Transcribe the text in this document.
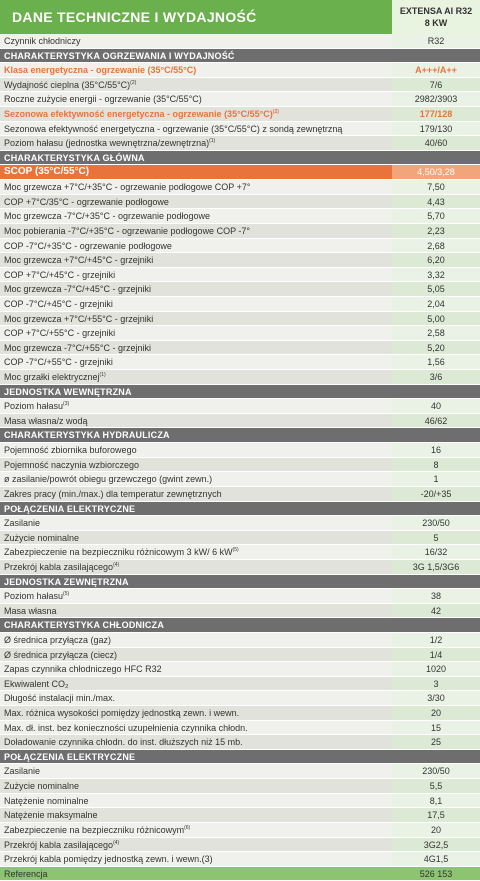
DANE TECHNICZNE I WYDAJNOŚĆ	EXTENSA AI R32
8 KW
Czynnik chłodniczy	R32
CHARAKTERYSTYKA OGRZEWANIA I WYDAJNOŚĆ
Klasa energetyczna - ogrzewanie (35°C/55°C)	A+++/A++
Wydajność cieplna $(35^\circ C/55^\circ C)^{(2)}$	7/6
Roczne zużycie energii - ogrzewanie (35°C/55°C)	2982/3903
Sezonowa efektywność energetyczna - ogrzewanie $(35^\circ C/55^\circ C)^{(2)}$	177/128
Sezonowa efektywność energetyczna - ogrzewanie (35°C/55°C) z sondą zewnętrzną	179/130
Poziom hałasu (jednostka wewnętrzna/zewnętrzna)$^{(1)}$	40/60
CHARAKTERYSTYKA GŁÓWNA
SCOP (35°C/55°C)	4,50/3,28
Moc grzewcza +7°C/+35°C - ogrzewanie podłogowe COP +7°	7,50
COP +7°C/35°C - ogrzewanie podłogowe	4,43
Moc grzewcza -7°C/+35°C - ogrzewanie podłogowe	5,70
Moc pobierania -7°C/+35°C - ogrzewanie podłogowe COP -7°	2,23
COP -7°C/+35°C - ogrzewanie podłogowe	2,68
Moc grzewcza +7°C/+45°C - grzejniki	6,20
COP +7°C/+45°C - grzejniki	3,32
Moc grzewcza -7°C/+45°C - grzejniki	5,05
COP -7°C/+45°C - grzejniki	2,04
Moc grzewcza +7°C/+55°C - grzejniki	5,00
COP +7°C/+55°C - grzejniki	2,58
Moc grzewcza -7°C/+55°C - grzejniki	5,20
COP -7°C/+55°C - grzejniki	1,56
Moc grzałki elektrycznej$^{(1)}$	3/6
JEDNOSTKA WEWNĘTRZNA
Poziom hałasu$^{(3)}$	40
Masa własna/z wodą	46/62
CHARAKTERYSTYKA HYDRAULICZA
Pojemność zbiornika buforowego	16
Pojemność naczynia wzbiorczego	8
ø zasilanie/powrót obiegu grzewczego (gwint zewn.)	1
Zakres pracy (min./max.) dla temperatur zewnętrznych	-20/+35
POŁĄCZENIA ELEKTRYCZNE
Zasilanie	230/50
Zużycie nominalne	5
Zabezpieczenie na bezpieczniku różnicowym 3 kW/ 6 $kW^{(5)}$	16/32
Przekrój kabla zasilającego$^{(4)}$	3G 1,5/3G6
JEDNOSTKA ZEWNĘTRZNA
Poziom hałasu$^{(5)}$	38
Masa własna	42
CHARAKTERYSTYKA CHŁODNICZA
Ø średnica przyłącza (gaz)	1/2
Ø średnica przyłącza (ciecz)	1/4
Zapas czynnika chłodniczego HFC R32	1020
Ekwiwalent CO₂	3
Długość instalacji min./max.	3/30
Max. różnica wysokości pomiędzy jednostką zewn. i wewn.	20
Max. dł. inst. bez konieczności uzupełnienia czynnika chłodn.	15
Doładowanie czynnika chłodn. do inst. dłuższych niż 15 mb.	25
POŁĄCZENIA ELEKTRYCZNE
Zasilanie	230/50
Zużycie nominalne	5,5
Natężenie nominalne	8,1
Natężenie maksymalne	17,5
Zabezpieczenie na bezpieczniku różnicowym$^{(6)}$	20
Przekrój kabla zasilającego$^{(4)}$	3G2,5
Przekrój kabla pomiędzy jednostką zewn. i wewn.(3)	4G1,5
Referencja	526 153
